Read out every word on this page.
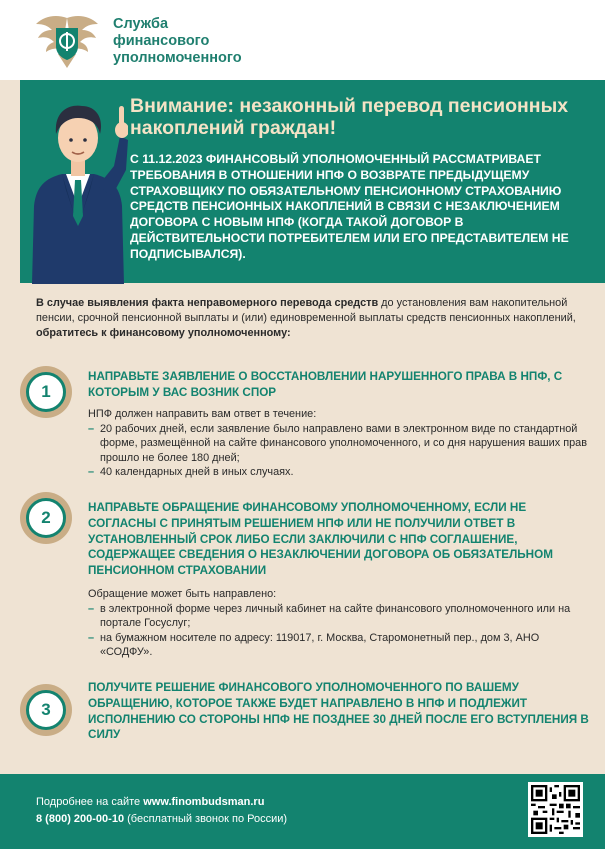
Служба
финансового
уполномоченного
Внимание: незаконный перевод пенсионных накоплений граждан!
С 11.12.2023 ФИНАНСОВЫЙ УПОЛНОМОЧЕННЫЙ РАССМАТРИВАЕТ ТРЕБОВАНИЯ В ОТНОШЕНИИ НПФ О ВОЗВРАТЕ ПРЕДЫДУЩЕМУ СТРАХОВЩИКУ ПО ОБЯЗАТЕЛЬНОМУ ПЕНСИОННОМУ СТРАХОВАНИЮ СРЕДСТВ ПЕНСИОННЫХ НАКОПЛЕНИЙ В СВЯЗИ С НЕЗАКЛЮЧЕНИЕМ ДОГОВОРА С НОВЫМ НПФ (КОГДА ТАКОЙ ДОГОВОР В ДЕЙСТВИТЕЛЬНОСТИ ПОТРЕБИТЕЛЕМ ИЛИ ЕГО ПРЕДСТАВИТЕЛЕМ НЕ ПОДПИСЫВАЛСЯ).
В случае выявления факта неправомерного перевода средств до установления вам накопительной пенсии, срочной пенсионной выплаты и (или) единовременной выплаты средств пенсионных накоплений, обратитесь к финансовому уполномоченному:
1
НАПРАВЬТЕ ЗАЯВЛЕНИЕ О ВОССТАНОВЛЕНИИ НАРУШЕННОГО ПРАВА В НПФ, С КОТОРЫМ У ВАС ВОЗНИК СПОР
НПФ должен направить вам ответ в течение:
– 20 рабочих дней, если заявление было направлено вами в электронном виде по стандартной форме, размещённой на сайте финансового уполномоченного, и со дня нарушения ваших прав прошло не более 180 дней;
– 40 календарных дней в иных случаях.
2
НАПРАВЬТЕ ОБРАЩЕНИЕ ФИНАНСОВОМУ УПОЛНОМОЧЕННОМУ, ЕСЛИ НЕ СОГЛАСНЫ С ПРИНЯТЫМ РЕШЕНИЕМ НПФ ИЛИ НЕ ПОЛУЧИЛИ ОТВЕТ В УСТАНОВЛЕННЫЙ СРОК ЛИБО ЕСЛИ ЗАКЛЮЧИЛИ С НПФ СОГЛАШЕНИЕ, СОДЕРЖАЩЕЕ СВЕДЕНИЯ О НЕЗАКЛЮЧЕНИИ ДОГОВОРА ОБ ОБЯЗАТЕЛЬНОМ ПЕНСИОННОМ СТРАХОВАНИИ
Обращение может быть направлено:
– в электронной форме через личный кабинет на сайте финансового уполномоченного или на портале Госуслуг;
– на бумажном носителе по адресу: 119017, г. Москва, Старомонетный пер., дом 3, АНО «СОДФУ».
3
ПОЛУЧИТЕ РЕШЕНИЕ ФИНАНСОВОГО УПОЛНОМОЧЕННОГО ПО ВАШЕМУ ОБРАЩЕНИЮ, КОТОРОЕ ТАКЖЕ БУДЕТ НАПРАВЛЕНО В НПФ И ПОДЛЕЖИТ ИСПОЛНЕНИЮ СО СТОРОНЫ НПФ НЕ ПОЗДНЕЕ 30 ДНЕЙ ПОСЛЕ ЕГО ВСТУПЛЕНИЯ В СИЛУ
Подробнее на сайте www.finombudsman.ru
8 (800) 200-00-10 (бесплатный звонок по России)
